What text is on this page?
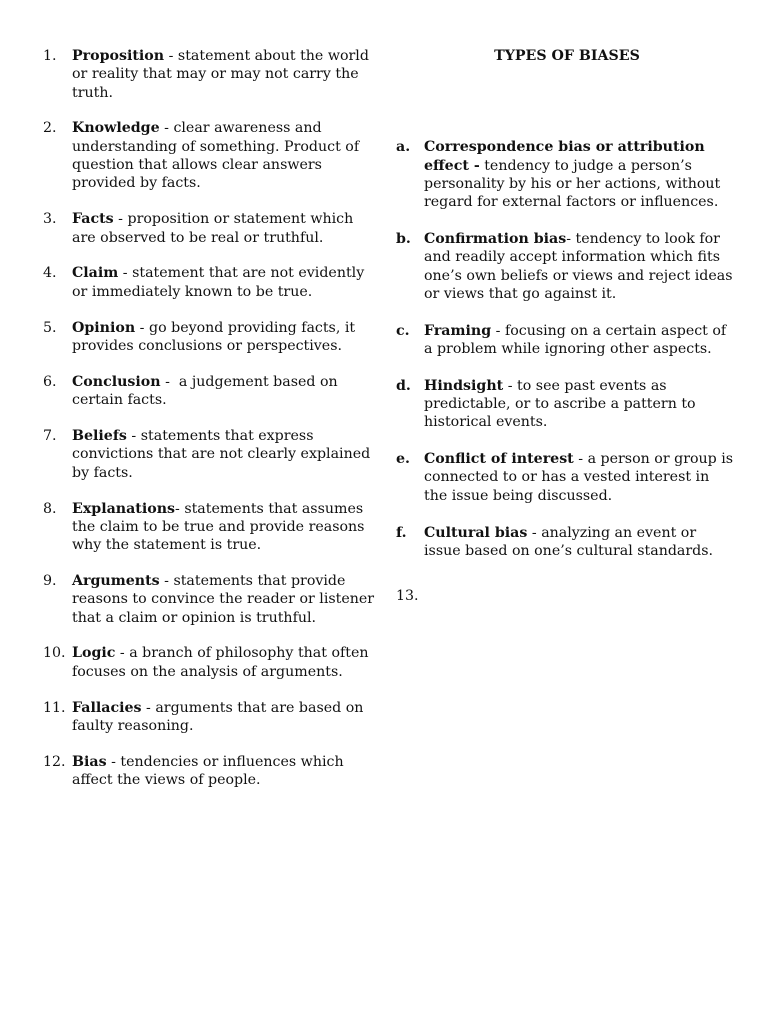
1.	Proposition - statement about the world or reality that may or may not carry the truth.
2.	Knowledge - clear awareness and understanding of something. Product of question that allows clear answers provided by facts.
3.	Facts - proposition or statement which are observed to be real or truthful.
4.	Claim - statement that are not evidently or immediately known to be true.
5.	Opinion - go beyond providing facts, it provides conclusions or perspectives.
6.	Conclusion -  a judgement based on certain facts.
7.	Beliefs - statements that express convictions that are not clearly explained by facts.
8.	Explanations- statements that assumes the claim to be true and provide reasons why the statement is true.
9.	Arguments - statements that provide reasons to convince the reader or listener that a claim or opinion is truthful.
10. Logic - a branch of philosophy that often focuses on the analysis of arguments.
11. Fallacies - arguments that are based on faulty reasoning.
12. Bias - tendencies or influences which affect the views of people.
TYPES OF BIASES
a. Correspondence bias or attribution effect - tendency to judge a person’s personality by his or her actions, without regard for external factors or influences.
b. Confirmation bias- tendency to look for and readily accept information which fits one’s own beliefs or views and reject ideas or views that go against it.
c. Framing - focusing on a certain aspect of a problem while ignoring other aspects.
d. Hindsight - to see past events as predictable, or to ascribe a pattern to historical events.
e. Conflict of interest - a person or group is connected to or has a vested interest in the issue being discussed.
f. Cultural bias - analyzing an event or issue based on one’s cultural standards.
13.
